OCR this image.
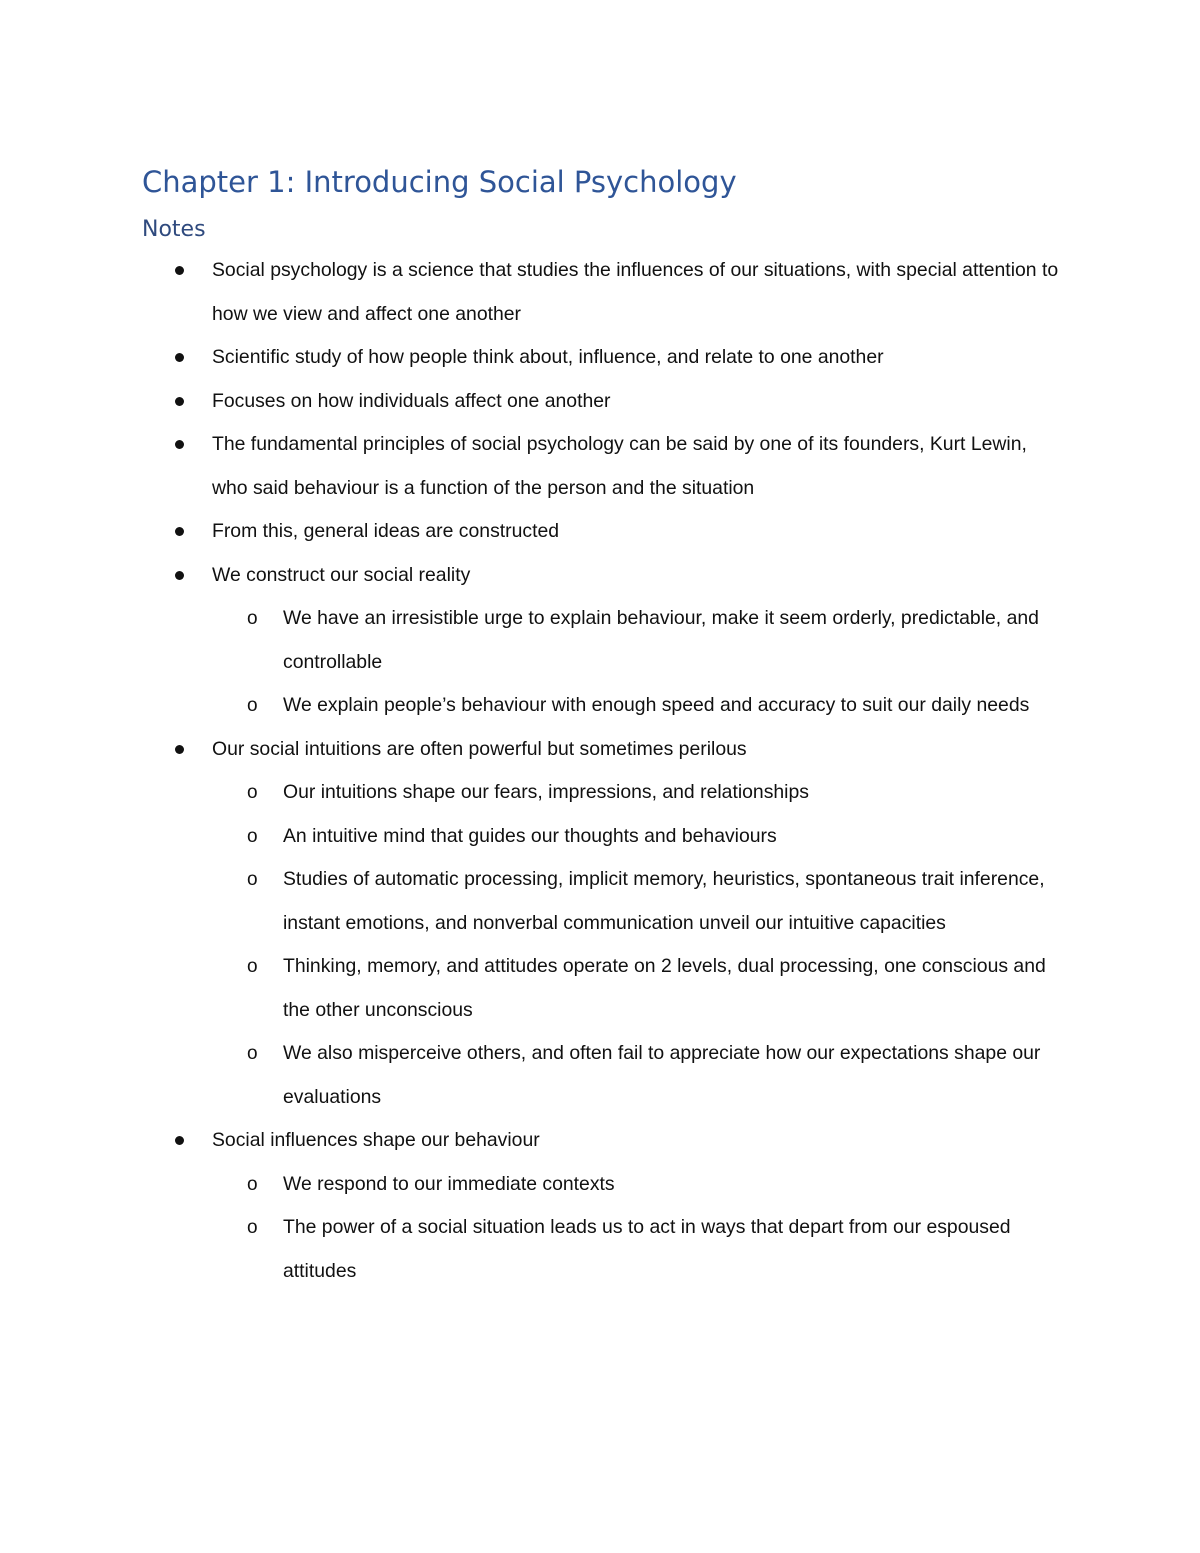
Chapter 1: Introducing Social Psychology
Notes
Social psychology is a science that studies the influences of our situations, with special attention to how we view and affect one another
Scientific study of how people think about, influence, and relate to one another
Focuses on how individuals affect one another
The fundamental principles of social psychology can be said by one of its founders, Kurt Lewin, who said behaviour is a function of the person and the situation
From this, general ideas are constructed
We construct our social reality
o We have an irresistible urge to explain behaviour, make it seem orderly, predictable, and controllable
o We explain people’s behaviour with enough speed and accuracy to suit our daily needs
Our social intuitions are often powerful but sometimes perilous
o Our intuitions shape our fears, impressions, and relationships
o An intuitive mind that guides our thoughts and behaviours
o Studies of automatic processing, implicit memory, heuristics, spontaneous trait inference, instant emotions, and nonverbal communication unveil our intuitive capacities
o Thinking, memory, and attitudes operate on 2 levels, dual processing, one conscious and the other unconscious
o We also misperceive others, and often fail to appreciate how our expectations shape our evaluations
Social influences shape our behaviour
o We respond to our immediate contexts
o The power of a social situation leads us to act in ways that depart from our espoused attitudes
